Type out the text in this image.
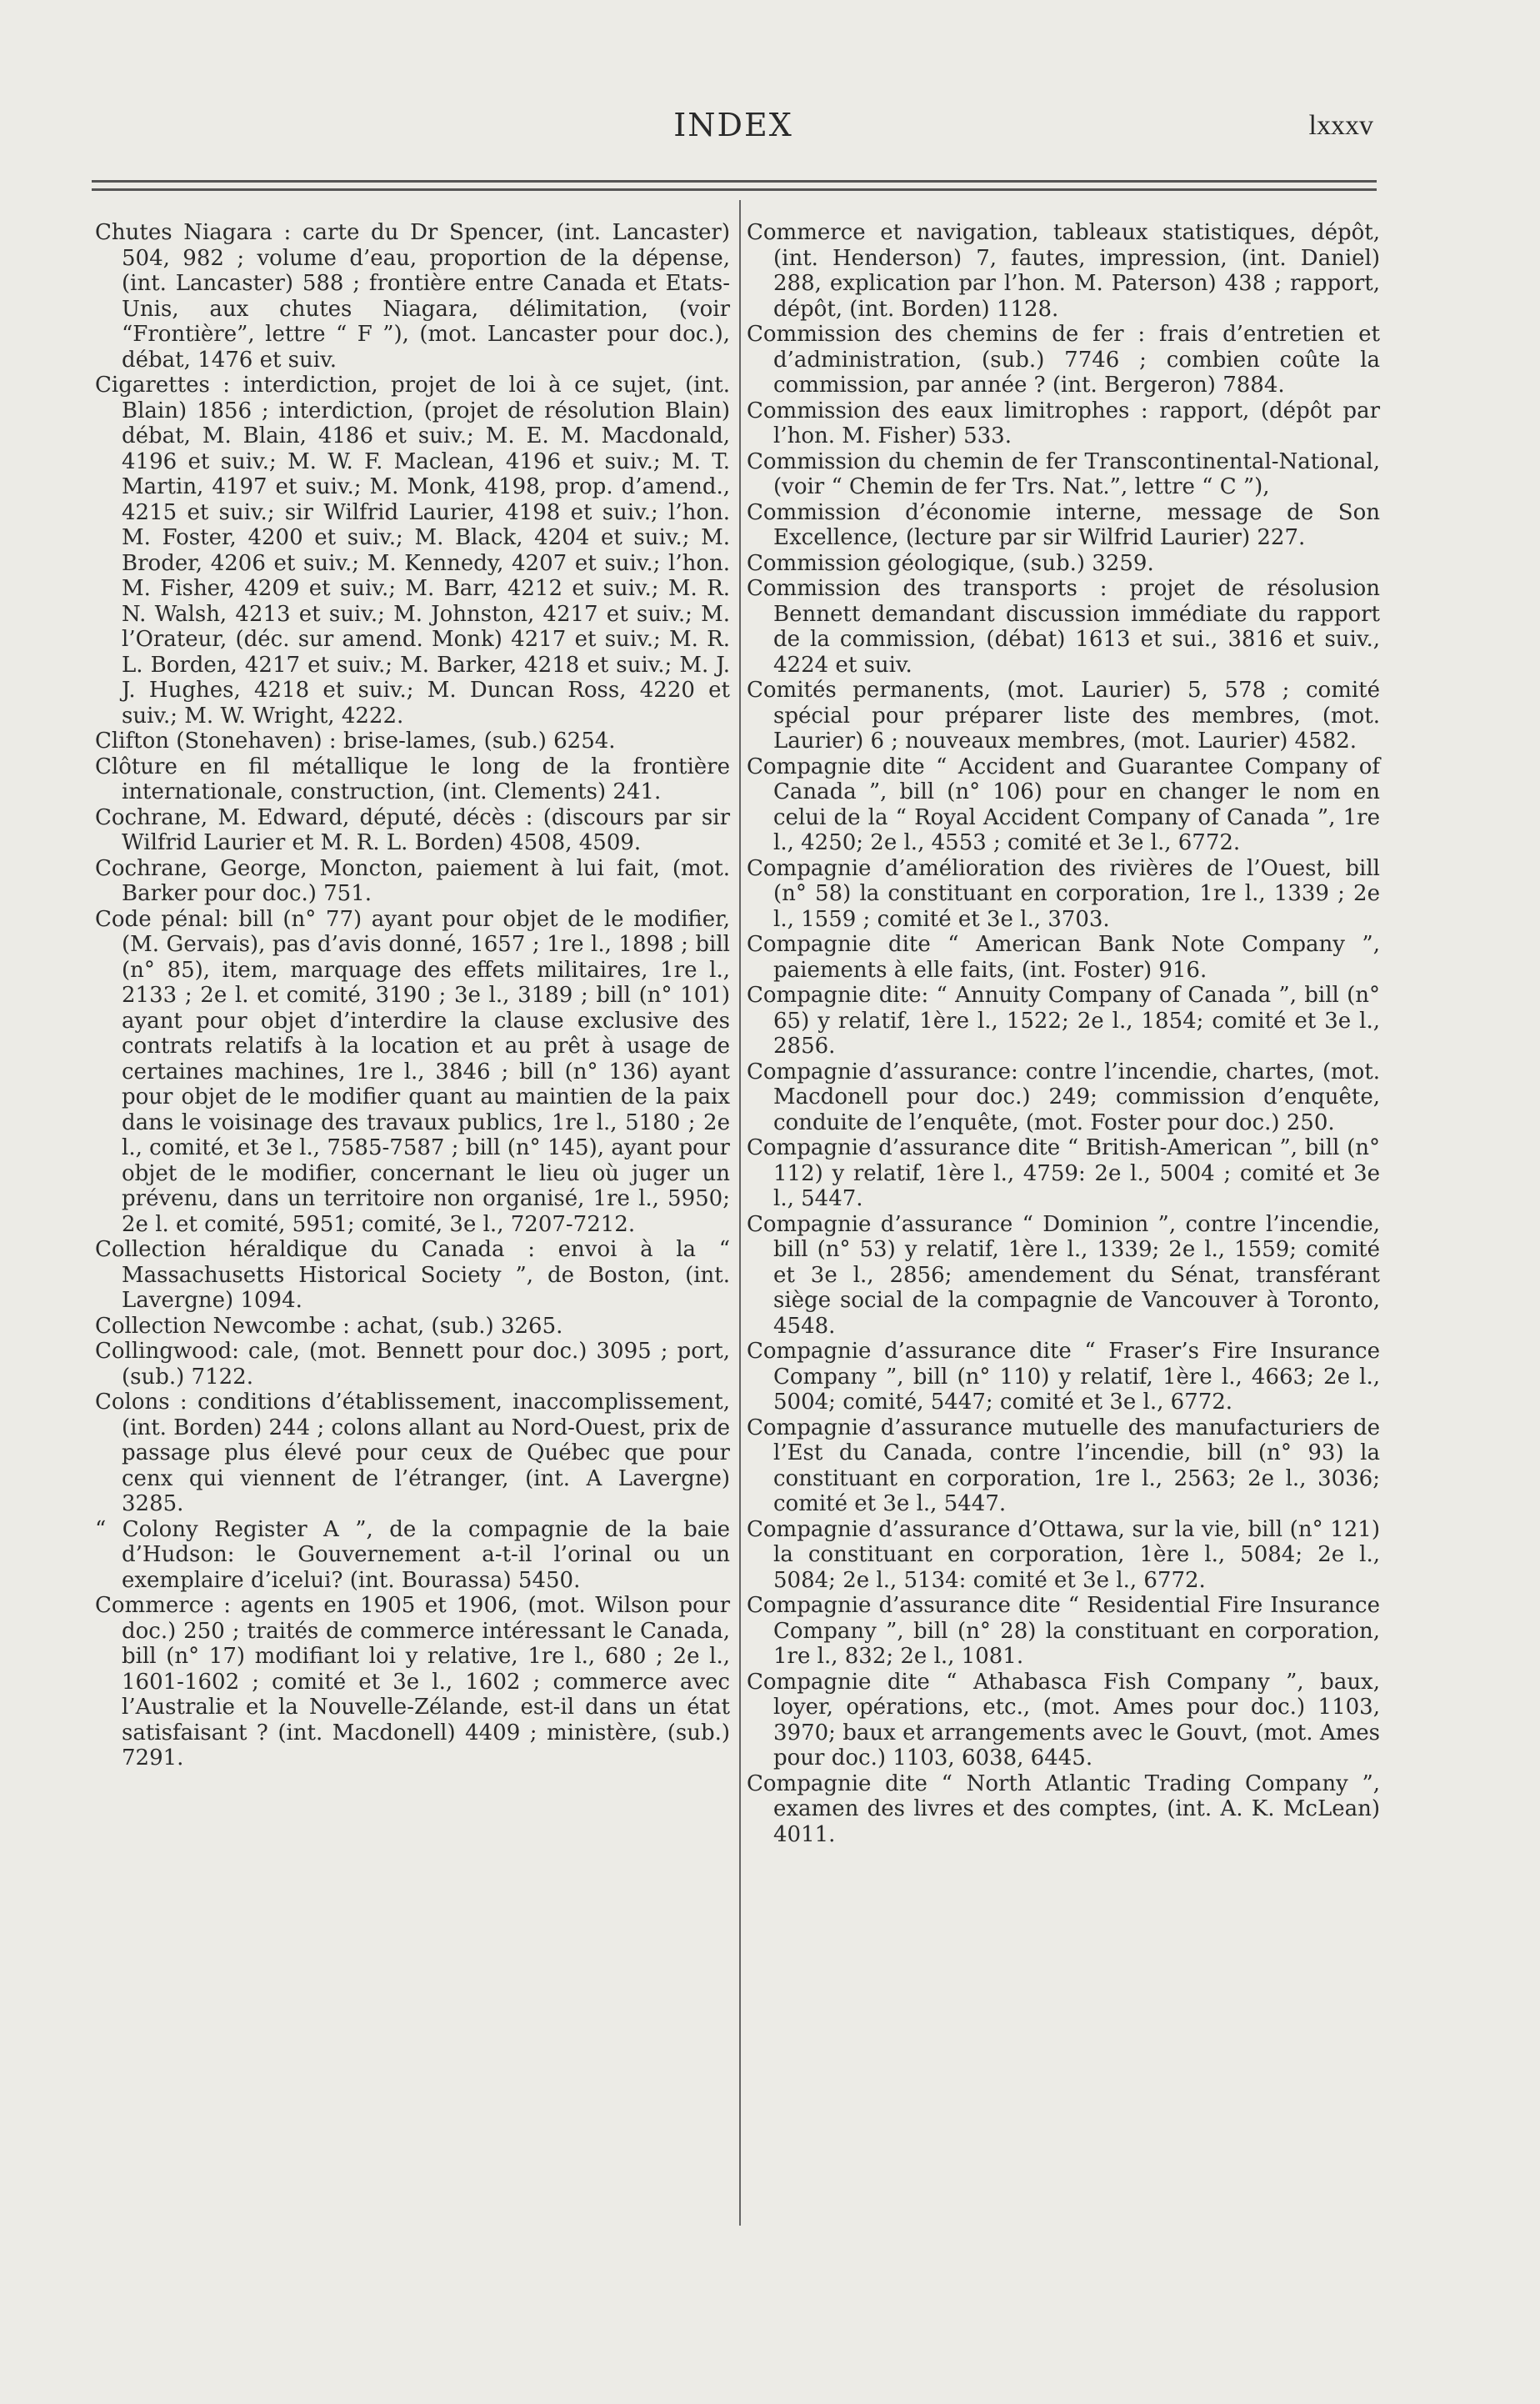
INDEX	lxxxv

Chutes Niagara : carte du Dr Spencer, (int. Lancaster) 504, 982 ; volume d’eau, proportion de la dépense, (int. Lancaster) 588 ; frontière entre Canada et Etats-Unis, aux chutes Niagara, délimitation, (voir “Frontière”, lettre “ F ”), (mot. Lancaster pour doc.), débat, 1476 et suiv.

Cigarettes : interdiction, projet de loi à ce sujet, (int. Blain) 1856 ; interdiction, (projet de résolution Blain) débat, M. Blain, 4186 et suiv.; M. E. M. Macdonald, 4196 et suiv.; M. W. F. Maclean, 4196 et suiv.; M. T. Martin, 4197 et suiv.; M. Monk, 4198, prop. d’amend., 4215 et suiv.; sir Wilfrid Laurier, 4198 et suiv.; l’hon. M. Foster, 4200 et suiv.; M. Black, 4204 et suiv.; M. Broder, 4206 et suiv.; M. Kennedy, 4207 et suiv.; l’hon. M. Fisher, 4209 et suiv.; M. Barr, 4212 et suiv.; M. R. N. Walsh, 4213 et suiv.; M. Johnston, 4217 et suiv.; M. l’Orateur, (déc. sur amend. Monk) 4217 et suiv.; M. R. L. Borden, 4217 et suiv.; M. Barker, 4218 et suiv.; M. J. J. Hughes, 4218 et suiv.; M. Duncan Ross, 4220 et suiv.; M. W. Wright, 4222.

Clifton (Stonehaven) : brise-lames, (sub.) 6254.

Clôture en fil métallique le long de la frontière internationale, construction, (int. Clements) 241.

Cochrane, M. Edward, député, décès : (discours par sir Wilfrid Laurier et M. R. L. Borden) 4508, 4509.

Cochrane, George, Moncton, paiement à lui fait, (mot. Barker pour doc.) 751.

Code pénal: bill (n° 77) ayant pour objet de le modifier, (M. Gervais), pas d’avis donné, 1657 ; 1re l., 1898 ; bill (n° 85), item, marquage des effets militaires, 1re l., 2133 ; 2e l. et comité, 3190 ; 3e l., 3189 ; bill (n° 101) ayant pour objet d’interdire la clause exclusive des contrats relatifs à la location et au prêt à usage de certaines machines, 1re l., 3846 ; bill (n° 136) ayant pour objet de le modifier quant au maintien de la paix dans le voisinage des travaux publics, 1re l., 5180 ; 2e l., comité, et 3e l., 7585-7587 ; bill (n° 145), ayant pour objet de le modifier, concernant le lieu où juger un prévenu, dans un territoire non organisé, 1re l., 5950; 2e l. et comité, 5951; comité, 3e l., 7207-7212.

Collection héraldique du Canada : envoi à la “ Massachusetts Historical Society ”, de Boston, (int. Lavergne) 1094.

Collection Newcombe : achat, (sub.) 3265.

Collingwood: cale, (mot. Bennett pour doc.) 3095 ; port, (sub.) 7122.

Colons : conditions d’établissement, inaccomplissement, (int. Borden) 244 ; colons allant au Nord-Ouest, prix de passage plus élevé pour ceux de Québec que pour cenx qui viennent de l’étranger, (int. A Lavergne) 3285.

“ Colony Register A ”, de la compagnie de la baie d’Hudson: le Gouvernement a-t-il l’orinal ou un exemplaire d’icelui? (int. Bourassa) 5450.

Commerce : agents en 1905 et 1906, (mot. Wilson pour doc.) 250 ; traités de commerce intéressant le Canada, bill (n° 17) modifiant loi y relative, 1re l., 680 ; 2e l., 1601-1602 ; comité et 3e l., 1602 ; commerce avec l’Australie et la Nouvelle-Zélande, est-il dans un état satisfaisant ? (int. Macdonell) 4409 ; ministère, (sub.) 7291.

Commerce et navigation, tableaux statistiques, dépôt, (int. Henderson) 7, fautes, impression, (int. Daniel) 288, explication par l’hon. M. Paterson) 438 ; rapport, dépôt, (int. Borden) 1128.

Commission des chemins de fer : frais d’entretien et d’administration, (sub.) 7746 ; combien coûte la commission, par année ? (int. Bergeron) 7884.

Commission des eaux limitrophes : rapport, (dépôt par l’hon. M. Fisher) 533.

Commission du chemin de fer Transcontinental-National, (voir “ Chemin de fer Trs. Nat.”, lettre “ C ”),

Commission d’économie interne, message de Son Excellence, (lecture par sir Wilfrid Laurier) 227.

Commission géologique, (sub.) 3259.

Commission des transports : projet de résolusion Bennett demandant discussion immédiate du rapport de la commission, (débat) 1613 et sui., 3816 et suiv., 4224 et suiv.

Comités permanents, (mot. Laurier) 5, 578 ; comité spécial pour préparer liste des membres, (mot. Laurier) 6 ; nouveaux membres, (mot. Laurier) 4582.

Compagnie dite “ Accident and Guarantee Company of Canada ”, bill (n° 106) pour en changer le nom en celui de la “ Royal Accident Company of Canada ”, 1re l., 4250; 2e l., 4553 ; comité et 3e l., 6772.

Compagnie d’amélioration des rivières de l’Ouest, bill (n° 58) la constituant en corporation, 1re l., 1339 ; 2e l., 1559 ; comité et 3e l., 3703.

Compagnie dite “ American Bank Note Company ”, paiements à elle faits, (int. Foster) 916.

Compagnie dite: “ Annuity Company of Canada ”, bill (n° 65) y relatif, 1ère l., 1522; 2e l., 1854; comité et 3e l., 2856.

Compagnie d’assurance: contre l’incendie, chartes, (mot. Macdonell pour doc.) 249; commission d’enquête, conduite de l’enquête, (mot. Foster pour doc.) 250.

Compagnie d’assurance dite “ British-American ”, bill (n° 112) y relatif, 1ère l., 4759: 2e l., 5004 ; comité et 3e l., 5447.

Compagnie d’assurance “ Dominion ”, contre l’incendie, bill (n° 53) y relatif, 1ère l., 1339; 2e l., 1559; comité et 3e l., 2856; amendement du Sénat, transférant siège social de la compagnie de Vancouver à Toronto, 4548.

Compagnie d’assurance dite “ Fraser’s Fire Insurance Company ”, bill (n° 110) y relatif, 1ère l., 4663; 2e l., 5004; comité, 5447; comité et 3e l., 6772.

Compagnie d’assurance mutuelle des manufacturiers de l’Est du Canada, contre l’incendie, bill (n° 93) la constituant en corporation, 1re l., 2563; 2e l., 3036; comité et 3e l., 5447.

Compagnie d’assurance d’Ottawa, sur la vie, bill (n° 121) la constituant en corporation, 1ère l., 5084; 2e l., 5084; 2e l., 5134: comité et 3e l., 6772.

Compagnie d’assurance dite “ Residential Fire Insurance Company ”, bill (n° 28) la constituant en corporation, 1re l., 832; 2e l., 1081.

Compagnie dite “ Athabasca Fish Company ”, baux, loyer, opérations, etc., (mot. Ames pour doc.) 1103, 3970; baux et arrangements avec le Gouvt, (mot. Ames pour doc.) 1103, 6038, 6445.

Compagnie dite “ North Atlantic Trading Company ”, examen des livres et des comptes, (int. A. K. McLean) 4011.
